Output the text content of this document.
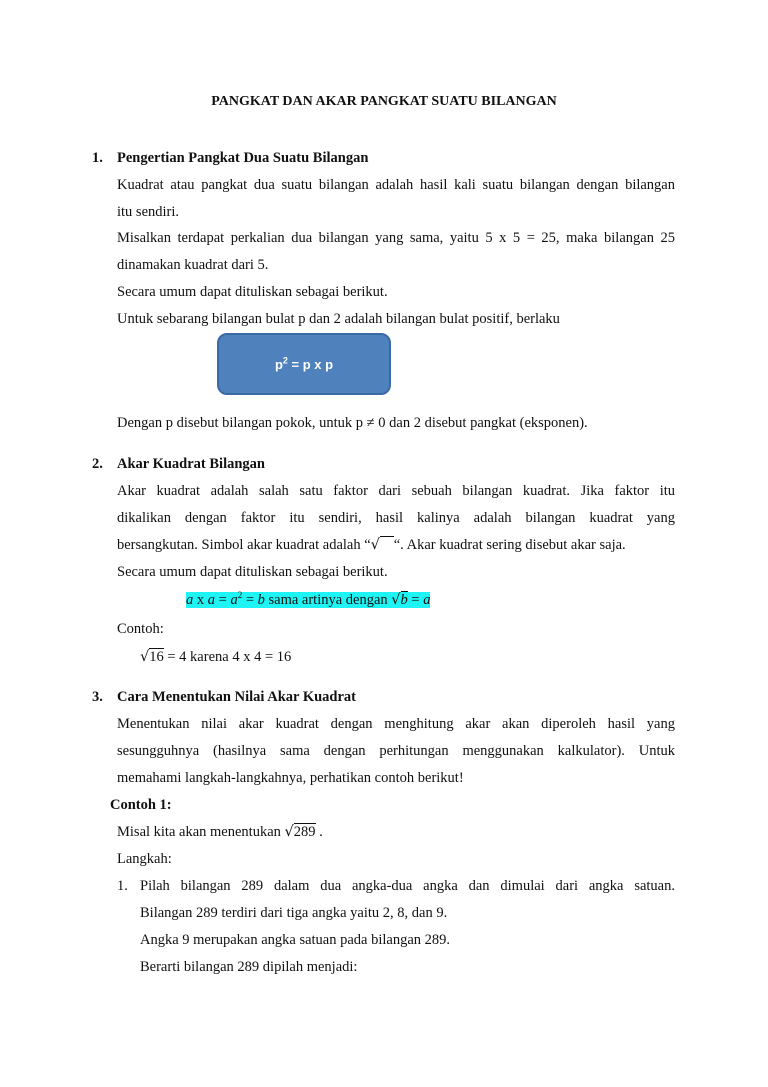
PANGKAT DAN AKAR PANGKAT SUATU BILANGAN
1. Pengertian Pangkat Dua Suatu Bilangan
Kuadrat atau pangkat dua suatu bilangan adalah hasil kali suatu bilangan dengan bilangan
itu sendiri.
Misalkan terdapat perkalian dua bilangan yang sama, yaitu 5 x 5 = 25, maka bilangan 25
dinamakan kuadrat dari 5.
Secara umum dapat dituliskan sebagai berikut.
Untuk sebarang bilangan bulat p dan 2 adalah bilangan bulat positif, berlaku
$p^2 = p$ x p
Dengan p disebut bilangan pokok, untuk p ≠ 0 dan 2 disebut pangkat (eksponen).
2. Akar Kuadrat Bilangan
Akar kuadrat adalah salah satu faktor dari sebuah bilangan kuadrat. Jika faktor itu
dikalikan dengan faktor itu sendiri, hasil kalinya adalah bilangan kuadrat yang
bersangkutan. Simbol akar kuadrat adalah “√ “. Akar kuadrat sering disebut akar saja.
Secara umum dapat dituliskan sebagai berikut.
a x $a = a^2 = b$ sama artinya dengan √b = a
Contoh:
√16 = 4 karena 4 x 4 = 16
3. Cara Menentukan Nilai Akar Kuadrat
Menentukan nilai akar kuadrat dengan menghitung akar akan diperoleh hasil yang
sesungguhnya (hasilnya sama dengan perhitungan menggunakan kalkulator). Untuk
memahami langkah-langkahnya, perhatikan contoh berikut!
Contoh 1:
Misal kita akan menentukan √289 .
Langkah:
1. Pilah bilangan 289 dalam dua angka-dua angka dan dimulai dari angka satuan.
Bilangan 289 terdiri dari tiga angka yaitu 2, 8, dan 9.
Angka 9 merupakan angka satuan pada bilangan 289.
Berarti bilangan 289 dipilah menjadi:
